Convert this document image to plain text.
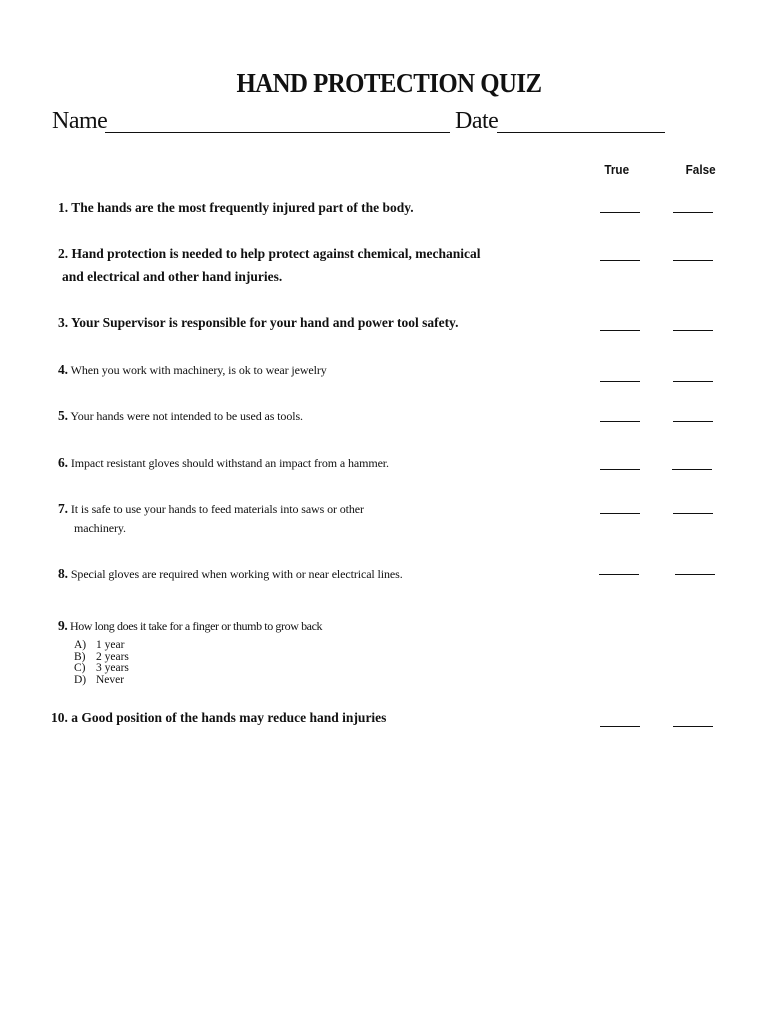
HAND PROTECTION QUIZ
Name	Date
True	False
1. The hands are the most frequently injured part of the body.
2. Hand protection is needed to help protect against chemical, mechanical
and electrical and other hand injuries.
3. Your Supervisor is responsible for your hand and power tool safety.
4. When you work with machinery, is ok to wear jewelry
5. Your hands were not intended to be used as tools.
6. Impact resistant gloves should withstand an impact from a hammer.
7. It is safe to use your hands to feed materials into saws or other
machinery.
8. Special gloves are required when working with or near electrical lines.
9. How long does it take for a finger or thumb to grow back
A) 1 year
B) 2 years
C) 3 years
D) Never
10. a Good position of the hands may reduce hand injuries
